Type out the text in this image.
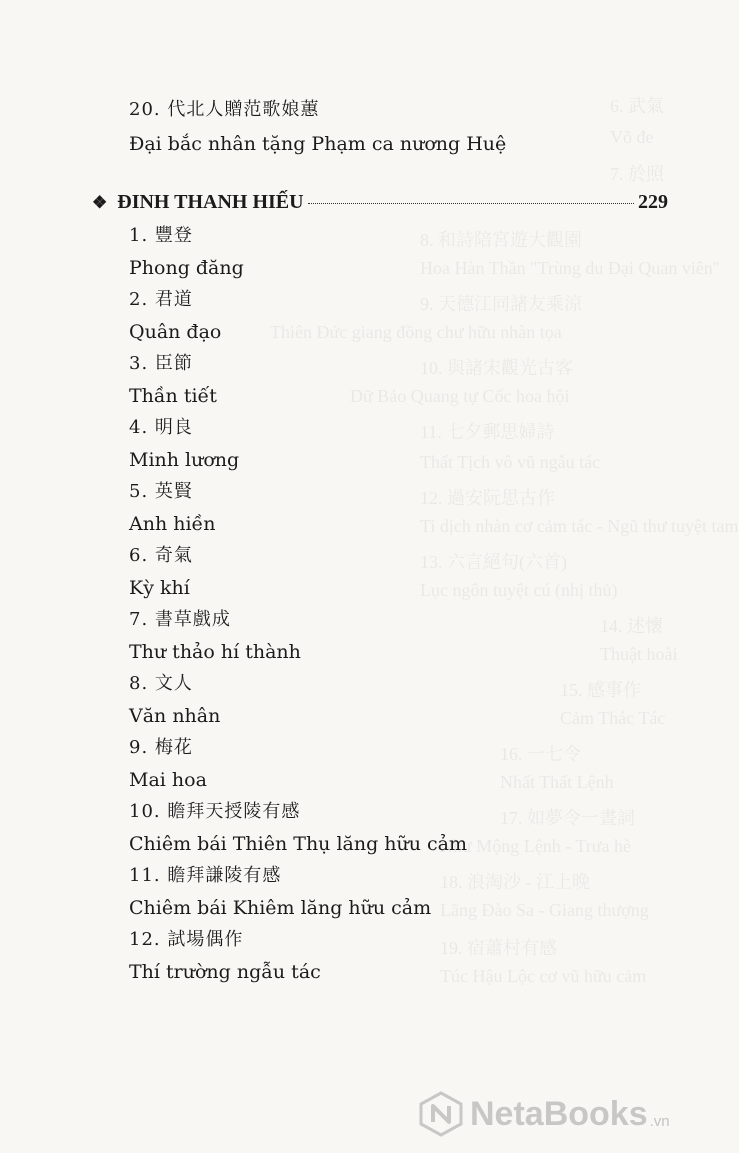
6. 武氣
Võ đe
7. 於照
8. 和詩陪宮遊大觀園
Hoa Hàn Thần "Trùng du Đại Quan viên"
9. 天德江同諸友乘涼
Thiên Đức giang đồng chư hữu nhàn tọa
10. 與諸宋觀光古客
Dữ Bảo Quang tự Cốc hoa hội
11. 七夕郵思婦詩
Thất Tịch vô vũ ngẫu tác
12. 過安阮思古作
Ti dịch nhàn cơ cảm tác - Ngũ thư tuyệt tam
13. 六言絕句(六首)
Lục ngôn tuyệt cú (nhị thủ)
14. 述懷
Thuật hoài
15. 感事作
Cảm Thác Tác
16. 一七令
Nhất Thất Lệnh
17. 如夢令一晝詞
Như Mộng Lệnh - Trưa hè
18. 浪淘沙 - 江上晚
Lãng Đào Sa - Giang thượng
19. 宿蕭村有感
Túc Hậu Lộc cơ vũ hữu cảm
20. 代北人贈范歌娘蕙
Đại bắc nhân tặng Phạm ca nương Huệ
❖ ĐINH THANH HIẾU	229
1. 豐登
Phong đăng
2. 君道
Quân đạo
3. 臣節
Thần tiết
4. 明良
Minh lương
5. 英賢
Anh hiền
6. 奇氣
Kỳ khí
7. 書草戲成
Thư thảo hí thành
8. 文人
Văn nhân
9. 梅花
Mai hoa
10. 瞻拜天授陵有感
Chiêm bái Thiên Thụ lăng hữu cảm
11. 瞻拜謙陵有感
Chiêm bái Khiêm lăng hữu cảm
12. 試場偶作
Thí trường ngẫu tác
NetaBooks .vn
